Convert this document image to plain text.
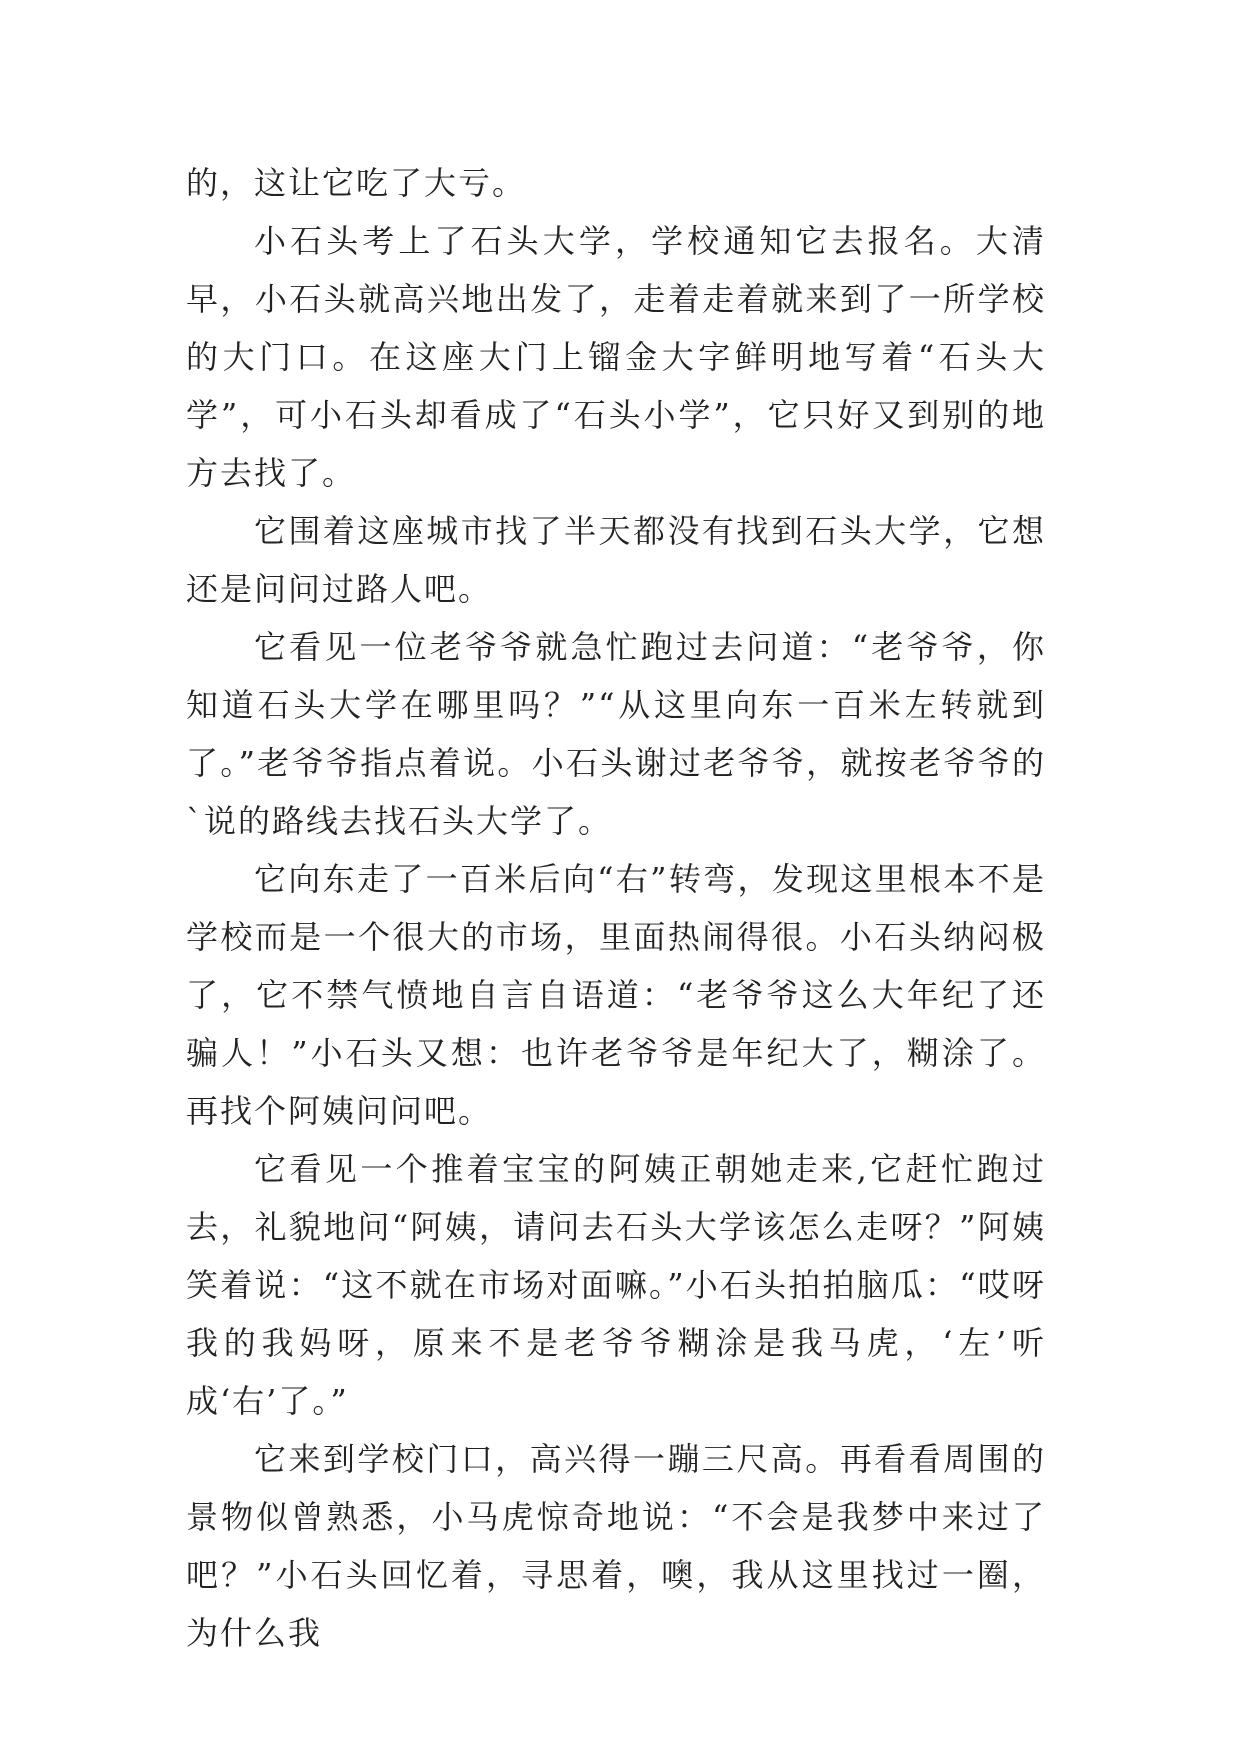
的，这让它吃了大亏。

小石头考上了石头大学，学校通知它去报名。大清早，小石头就高兴地出发了，走着走着就来到了一所学校的大门口。在这座大门上镏金大字鲜明地写着“石头大学”，可小石头却看成了“石头小学”，它只好又到别的地方去找了。

它围着这座城市找了半天都没有找到石头大学，它想还是问问过路人吧。

它看见一位老爷爷就急忙跑过去问道：“老爷爷，你知道石头大学在哪里吗？”“从这里向东一百米左转就到了。”老爷爷指点着说。小石头谢过老爷爷，就按老爷爷的`说的路线去找石头大学了。

它向东走了一百米后向“右”转弯，发现这里根本不是学校而是一个很大的市场，里面热闹得很。小石头纳闷极了，它不禁气愤地自言自语道：“老爷爷这么大年纪了还骗人！”小石头又想：也许老爷爷是年纪大了，糊涂了。再找个阿姨问问吧。

它看见一个推着宝宝的阿姨正朝她走来,它赶忙跑过去，礼貌地问“阿姨，请问去石头大学该怎么走呀？”阿姨笑着说：“这不就在市场对面嘛。”小石头拍拍脑瓜：“哎呀我的我妈呀，原来不是老爷爷糊涂是我马虎，‘左’听成‘右’了。”

它来到学校门口，高兴得一蹦三尺高。再看看周围的景物似曾熟悉，小马虎惊奇地说：“不会是我梦中来过了吧？”小石头回忆着，寻思着，噢，我从这里找过一圈，为什么我
